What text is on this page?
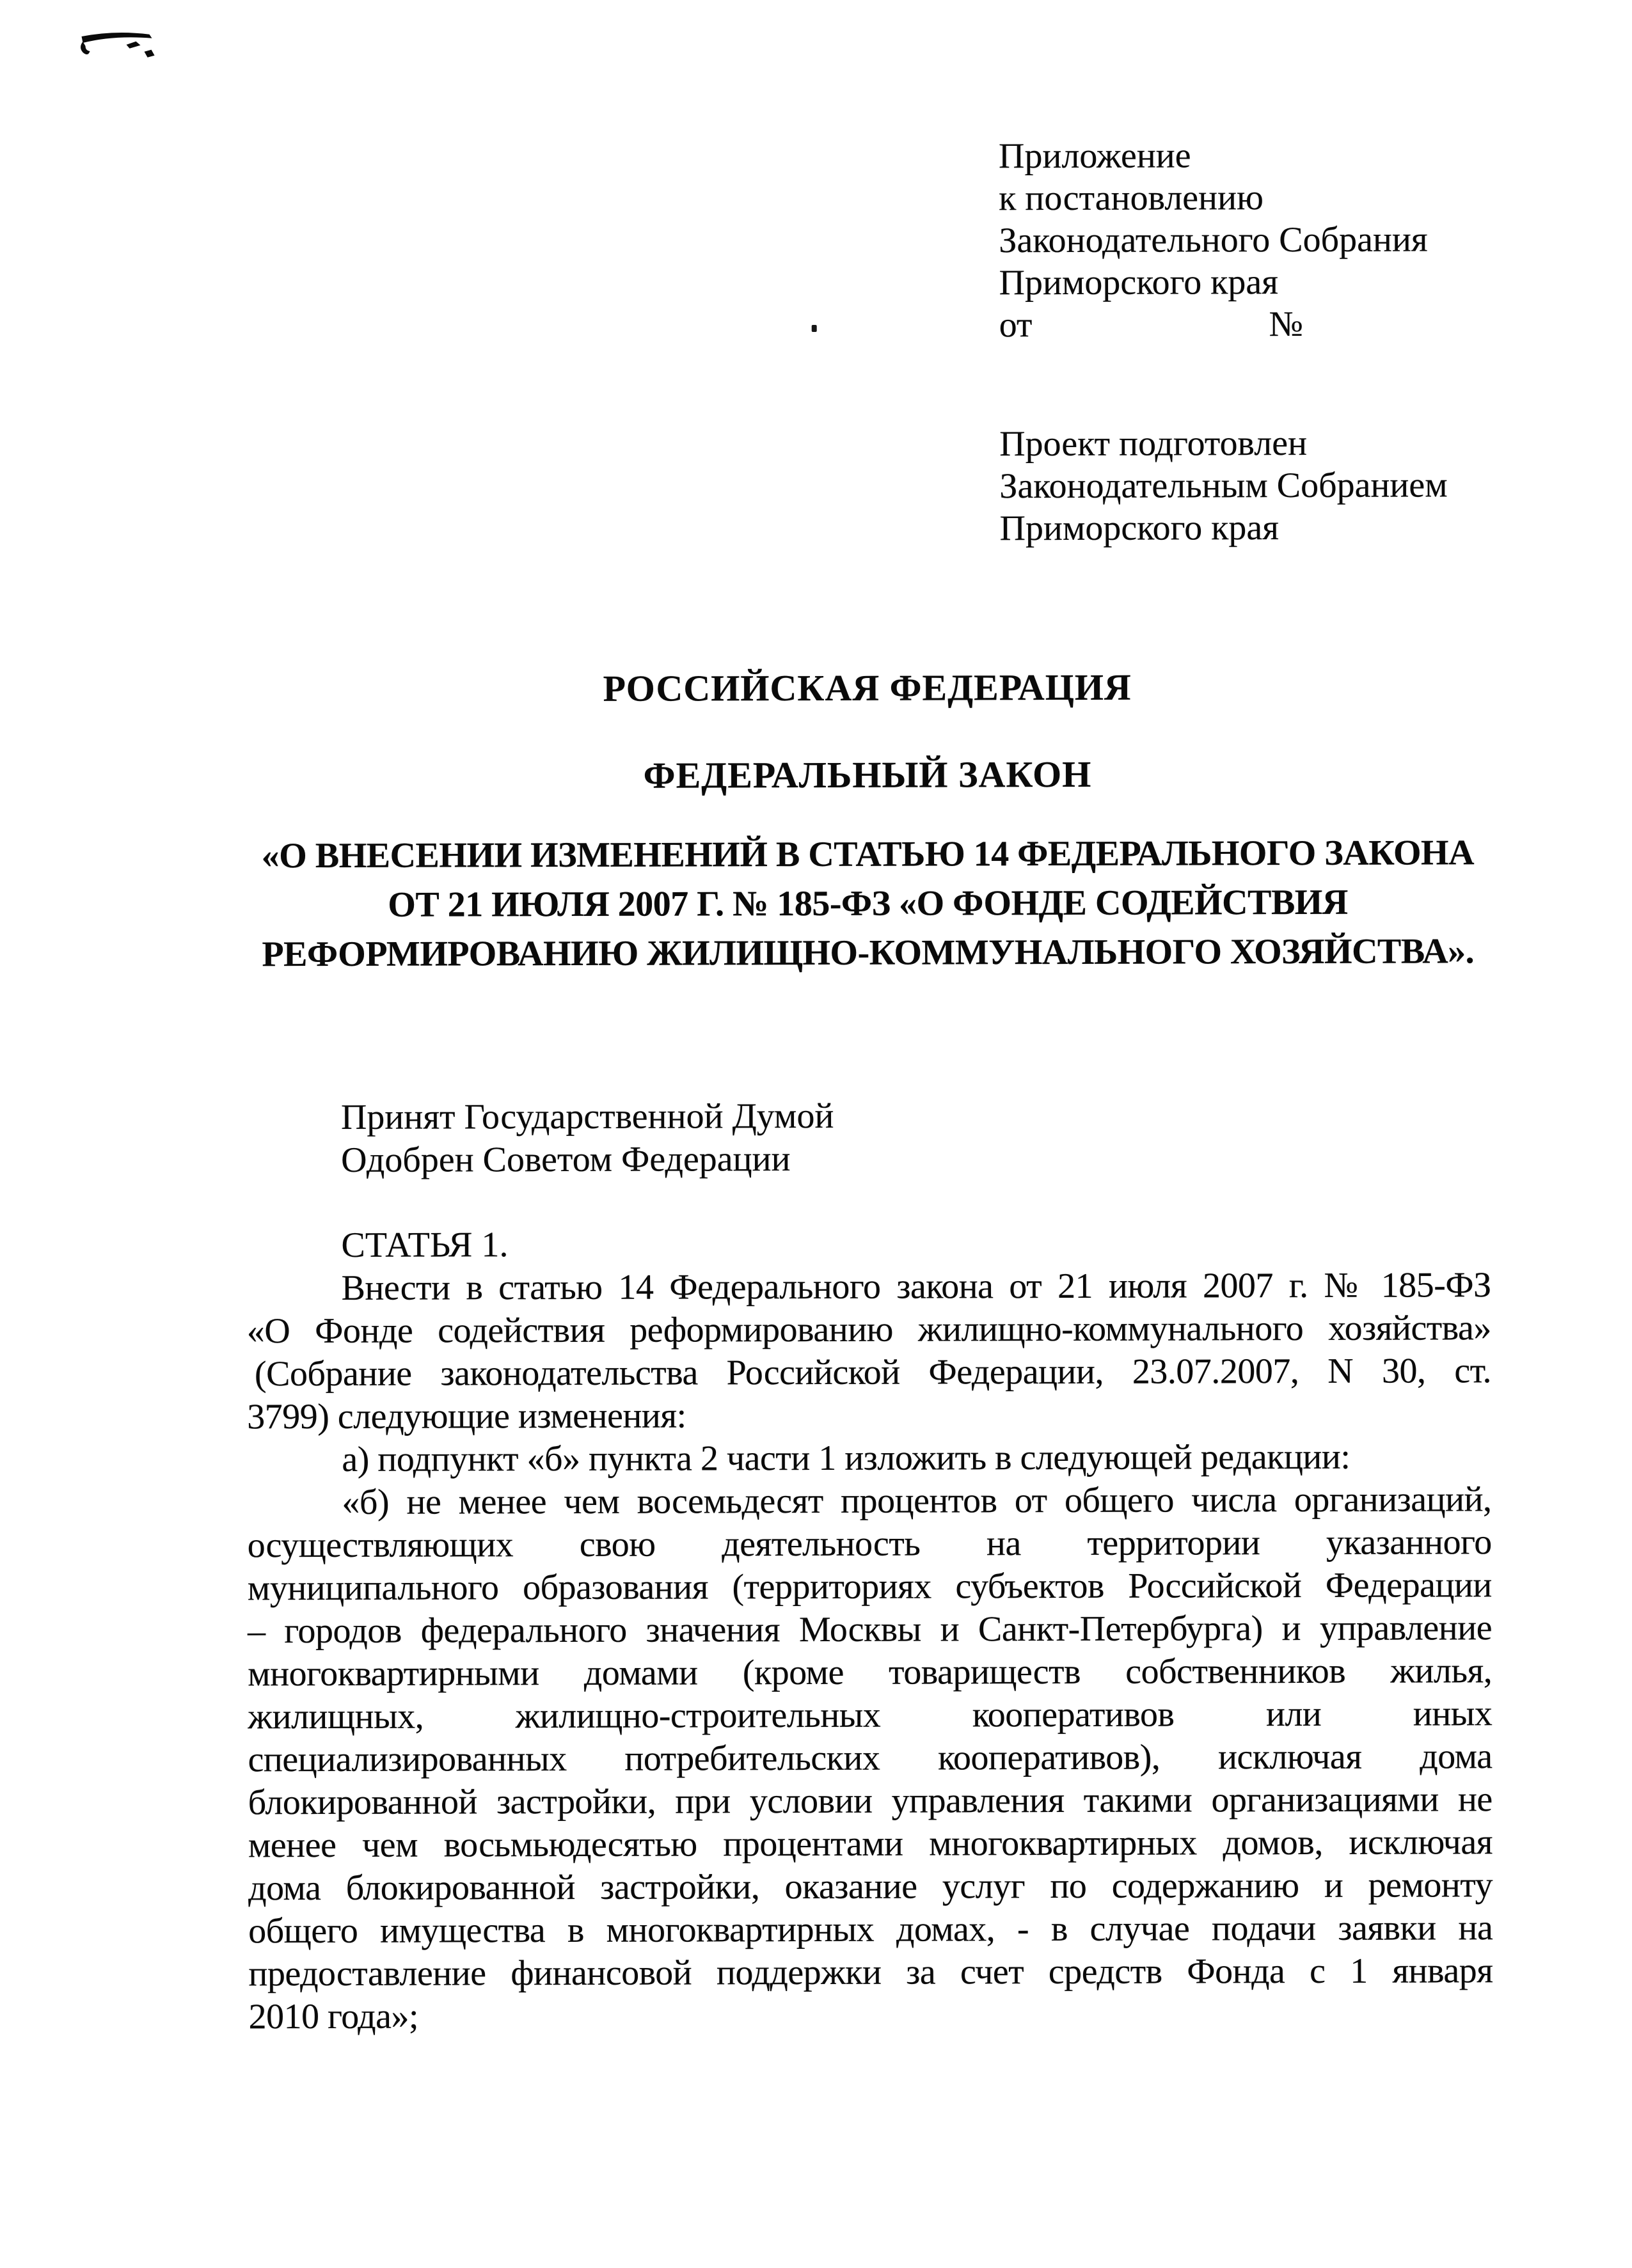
Приложение
к постановлению
Законодательного Собрания
Приморского края
от	№
Проект подготовлен
Законодательным Собранием
Приморского края
РОССИЙСКАЯ ФЕДЕРАЦИЯ
ФЕДЕРАЛЬНЫЙ ЗАКОН
«О ВНЕСЕНИИ ИЗМЕНЕНИЙ В СТАТЬЮ 14 ФЕДЕРАЛЬНОГО ЗАКОНА
ОТ 21 ИЮЛЯ 2007 Г. № 185-ФЗ «О ФОНДЕ СОДЕЙСТВИЯ
РЕФОРМИРОВАНИЮ ЖИЛИЩНО-КОММУНАЛЬНОГО ХОЗЯЙСТВА».
Принят Государственной Думой
Одобрен Советом Федерации
СТАТЬЯ 1.
Внести в статью 14 Федерального закона от 21 июля 2007 г. № 185-ФЗ
«О Фонде содействия реформированию жилищно-коммунального хозяйства»
(Собрание законодательства Российской Федерации, 23.07.2007, N 30, ст.
3799) следующие изменения:
а) подпункт «б» пункта 2 части 1 изложить в следующей редакции:
«б) не менее чем восемьдесят процентов от общего числа организаций,
осуществляющих свою деятельность на территории указанного
муниципального образования (территориях субъектов Российской Федерации
– городов федерального значения Москвы и Санкт-Петербурга) и управление
многоквартирными домами (кроме товариществ собственников жилья,
жилищных, жилищно-строительных кооперативов или иных
специализированных потребительских кооперативов), исключая дома
блокированной застройки, при условии управления такими организациями не
менее чем восьмьюдесятью процентами многоквартирных домов, исключая
дома блокированной застройки, оказание услуг по содержанию и ремонту
общего имущества в многоквартирных домах, - в случае подачи заявки на
предоставление финансовой поддержки за счет средств Фонда с 1 января
2010 года»;
